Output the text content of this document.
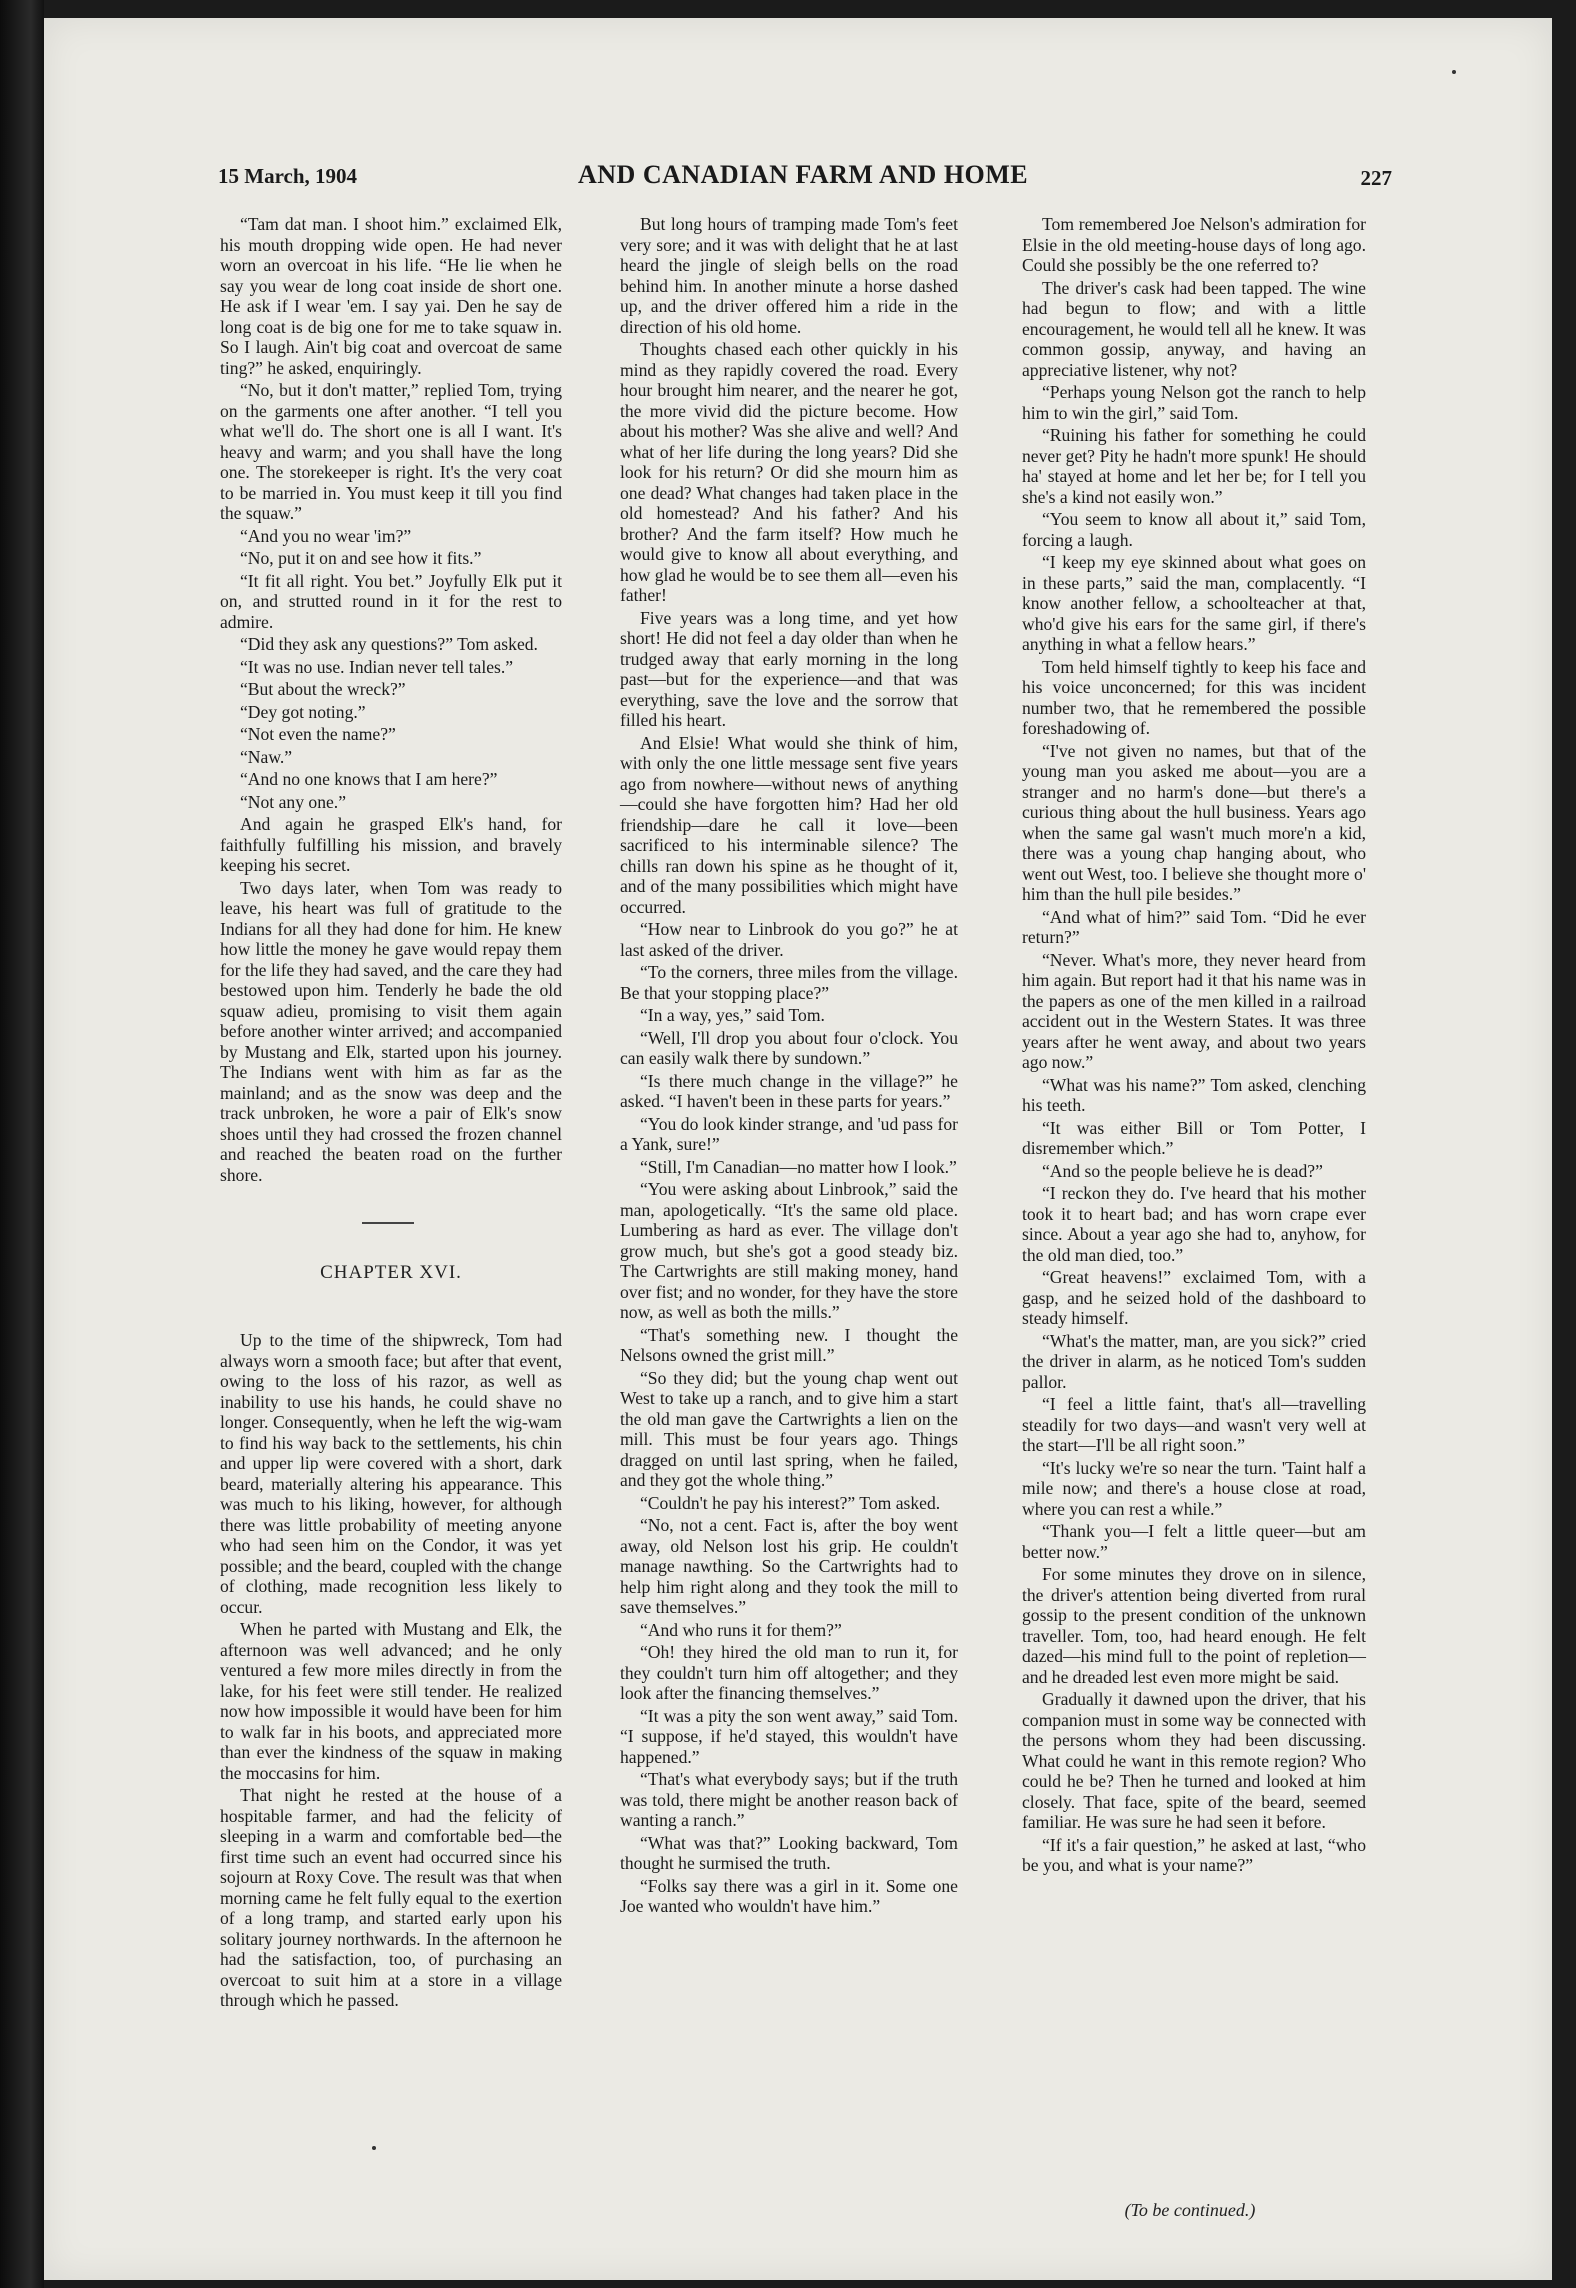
15 March, 1904	AND CANADIAN FARM AND HOME	227

“Tam dat man. I shoot him.” exclaimed Elk, his mouth dropping wide open. He had never worn an overcoat in his life. “He lie when he say you wear de long coat inside de short one. He ask if I wear 'em. I say yai. Den he say de long coat is de big one for me to take squaw in. So I laugh. Ain't big coat and overcoat de same ting?” he asked, enquiringly.

“No, but it don't matter,” replied Tom, trying on the garments one after another. “I tell you what we'll do. The short one is all I want. It's heavy and warm; and you shall have the long one. The storekeeper is right. It's the very coat to be married in. You must keep it till you find the squaw.”

“And you no wear 'im?”

“No, put it on and see how it fits.”

“It fit all right. You bet.” Joyfully Elk put it on, and strutted round in it for the rest to admire.

“Did they ask any questions?” Tom asked.

“It was no use. Indian never tell tales.”

“But about the wreck?”

“Dey got noting.”

“Not even the name?”

“Naw.”

“And no one knows that I am here?”

“Not any one.”

And again he grasped Elk's hand, for faithfully fulfilling his mission, and bravely keeping his secret.

Two days later, when Tom was ready to leave, his heart was full of gratitude to the Indians for all they had done for him. He knew how little the money he gave would repay them for the life they had saved, and the care they had bestowed upon him. Tenderly he bade the old squaw adieu, promising to visit them again before another winter arrived; and accompanied by Mustang and Elk, started upon his journey. The Indians went with him as far as the mainland; and as the snow was deep and the track unbroken, he wore a pair of Elk's snow shoes until they had crossed the frozen channel and reached the beaten road on the further shore.

CHAPTER XVI.

Up to the time of the shipwreck, Tom had always worn a smooth face; but after that event, owing to the loss of his razor, as well as inability to use his hands, he could shave no longer. Consequently, when he left the wig-wam to find his way back to the settlements, his chin and upper lip were covered with a short, dark beard, materially altering his appearance. This was much to his liking, however, for although there was little probability of meeting anyone who had seen him on the Condor, it was yet possible; and the beard, coupled with the change of clothing, made recognition less likely to occur.

When he parted with Mustang and Elk, the afternoon was well advanced; and he only ventured a few more miles directly in from the lake, for his feet were still tender. He realized now how impossible it would have been for him to walk far in his boots, and appreciated more than ever the kindness of the squaw in making the moccasins for him.

That night he rested at the house of a hospitable farmer, and had the felicity of sleeping in a warm and comfortable bed—the first time such an event had occurred since his sojourn at Roxy Cove. The result was that when morning came he felt fully equal to the exertion of a long tramp, and started early upon his solitary journey northwards. In the afternoon he had the satisfaction, too, of purchasing an overcoat to suit him at a store in a village through which he passed.

But long hours of tramping made Tom's feet very sore; and it was with delight that he at last heard the jingle of sleigh bells on the road behind him. In another minute a horse dashed up, and the driver offered him a ride in the direction of his old home.

Thoughts chased each other quickly in his mind as they rapidly covered the road. Every hour brought him nearer, and the nearer he got, the more vivid did the picture become. How about his mother? Was she alive and well? And what of her life during the long years? Did she look for his return? Or did she mourn him as one dead? What changes had taken place in the old homestead? And his father? And his brother? And the farm itself? How much he would give to know all about everything, and how glad he would be to see them all—even his father!

Five years was a long time, and yet how short! He did not feel a day older than when he trudged away that early morning in the long past—but for the experience—and that was everything, save the love and the sorrow that filled his heart.

And Elsie! What would she think of him, with only the one little message sent five years ago from nowhere—without news of anything—could she have forgotten him? Had her old friendship—dare he call it love—been sacrificed to his interminable silence? The chills ran down his spine as he thought of it, and of the many possibilities which might have occurred.

“How near to Linbrook do you go?” he at last asked of the driver.

“To the corners, three miles from the village. Be that your stopping place?”

“In a way, yes,” said Tom.

“Well, I'll drop you about four o'clock. You can easily walk there by sundown.”

“Is there much change in the village?” he asked. “I haven't been in these parts for years.”

“You do look kinder strange, and 'ud pass for a Yank, sure!”

“Still, I'm Canadian—no matter how I look.”

“You were asking about Linbrook,” said the man, apologetically. “It's the same old place. Lumbering as hard as ever. The village don't grow much, but she's got a good steady biz. The Cartwrights are still making money, hand over fist; and no wonder, for they have the store now, as well as both the mills.”

“That's something new. I thought the Nelsons owned the grist mill.”

“So they did; but the young chap went out West to take up a ranch, and to give him a start the old man gave the Cartwrights a lien on the mill. This must be four years ago. Things dragged on until last spring, when he failed, and they got the whole thing.”

“Couldn't he pay his interest?” Tom asked.

“No, not a cent. Fact is, after the boy went away, old Nelson lost his grip. He couldn't manage nawthing. So the Cartwrights had to help him right along and they took the mill to save themselves.”

“And who runs it for them?”

“Oh! they hired the old man to run it, for they couldn't turn him off altogether; and they look after the financing themselves.”

“It was a pity the son went away,” said Tom. “I suppose, if he'd stayed, this wouldn't have happened.”

“That's what everybody says; but if the truth was told, there might be another reason back of wanting a ranch.”

“What was that?” Looking backward, Tom thought he surmised the truth.

“Folks say there was a girl in it. Some one Joe wanted who wouldn't have him.”

Tom remembered Joe Nelson's admiration for Elsie in the old meeting-house days of long ago. Could she possibly be the one referred to?

The driver's cask had been tapped. The wine had begun to flow; and with a little encouragement, he would tell all he knew. It was common gossip, anyway, and having an appreciative listener, why not?

“Perhaps young Nelson got the ranch to help him to win the girl,” said Tom.

“Ruining his father for something he could never get? Pity he hadn't more spunk! He should ha' stayed at home and let her be; for I tell you she's a kind not easily won.”

“You seem to know all about it,” said Tom, forcing a laugh.

“I keep my eye skinned about what goes on in these parts,” said the man, complacently. “I know another fellow, a schoolteacher at that, who'd give his ears for the same girl, if there's anything in what a fellow hears.”

Tom held himself tightly to keep his face and his voice unconcerned; for this was incident number two, that he remembered the possible foreshadowing of.

“I've not given no names, but that of the young man you asked me about—you are a stranger and no harm's done—but there's a curious thing about the hull business. Years ago when the same gal wasn't much more'n a kid, there was a young chap hanging about, who went out West, too. I believe she thought more o' him than the hull pile besides.”

“And what of him?” said Tom. “Did he ever return?”

“Never. What's more, they never heard from him again. But report had it that his name was in the papers as one of the men killed in a railroad accident out in the Western States. It was three years after he went away, and about two years ago now.”

“What was his name?” Tom asked, clenching his teeth.

“It was either Bill or Tom Potter, I disremember which.”

“And so the people believe he is dead?”

“I reckon they do. I've heard that his mother took it to heart bad; and has worn crape ever since. About a year ago she had to, anyhow, for the old man died, too.”

“Great heavens!” exclaimed Tom, with a gasp, and he seized hold of the dashboard to steady himself.

“What's the matter, man, are you sick?” cried the driver in alarm, as he noticed Tom's sudden pallor.

“I feel a little faint, that's all—travelling steadily for two days—and wasn't very well at the start—I'll be all right soon.”

“It's lucky we're so near the turn. 'Taint half a mile now; and there's a house close at road, where you can rest a while.”

“Thank you—I felt a little queer—but am better now.”

For some minutes they drove on in silence, the driver's attention being diverted from rural gossip to the present condition of the unknown traveller. Tom, too, had heard enough. He felt dazed—his mind full to the point of repletion—and he dreaded lest even more might be said.

Gradually it dawned upon the driver, that his companion must in some way be connected with the persons whom they had been discussing. What could he want in this remote region? Who could he be? Then he turned and looked at him closely. That face, spite of the beard, seemed familiar. He was sure he had seen it before.

“If it's a fair question,” he asked at last, “who be you, and what is your name?”

(To be continued.)
